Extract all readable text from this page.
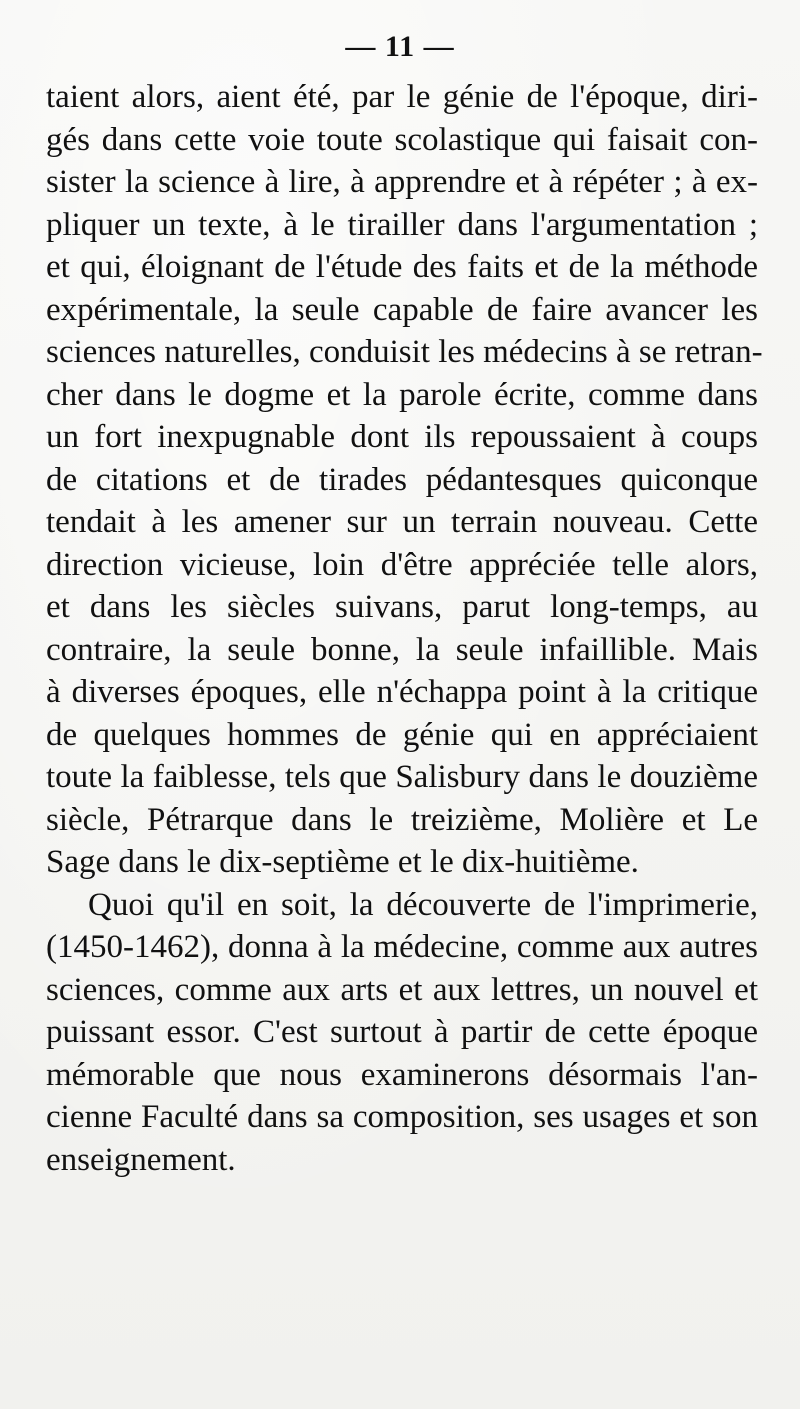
— 11 —
taient alors, aient été, par le génie de l'époque, diri-
gés dans cette voie toute scolastique qui faisait con-
sister la science à lire, à apprendre et à répéter ; à ex-
pliquer un texte, à le tirailler dans l'argumentation ;
et qui, éloignant de l'étude des faits et de la méthode
expérimentale, la seule capable de faire avancer les
sciences naturelles, conduisit les médecins à se retran-
cher dans le dogme et la parole écrite, comme dans
un fort inexpugnable dont ils repoussaient à coups
de citations et de tirades pédantesques quiconque
tendait à les amener sur un terrain nouveau. Cette
direction vicieuse, loin d'être appréciée telle alors,
et dans les siècles suivans, parut long-temps, au
contraire, la seule bonne, la seule infaillible. Mais
à diverses époques, elle n'échappa point à la critique
de quelques hommes de génie qui en appréciaient
toute la faiblesse, tels que Salisbury dans le douzième
siècle, Pétrarque dans le treizième, Molière et Le
Sage dans le dix-septième et le dix-huitième.
Quoi qu'il en soit, la découverte de l'imprimerie,
(1450-1462), donna à la médecine, comme aux autres
sciences, comme aux arts et aux lettres, un nouvel et
puissant essor. C'est surtout à partir de cette époque
mémorable que nous examinerons désormais l'an-
cienne Faculté dans sa composition, ses usages et son
enseignement.
